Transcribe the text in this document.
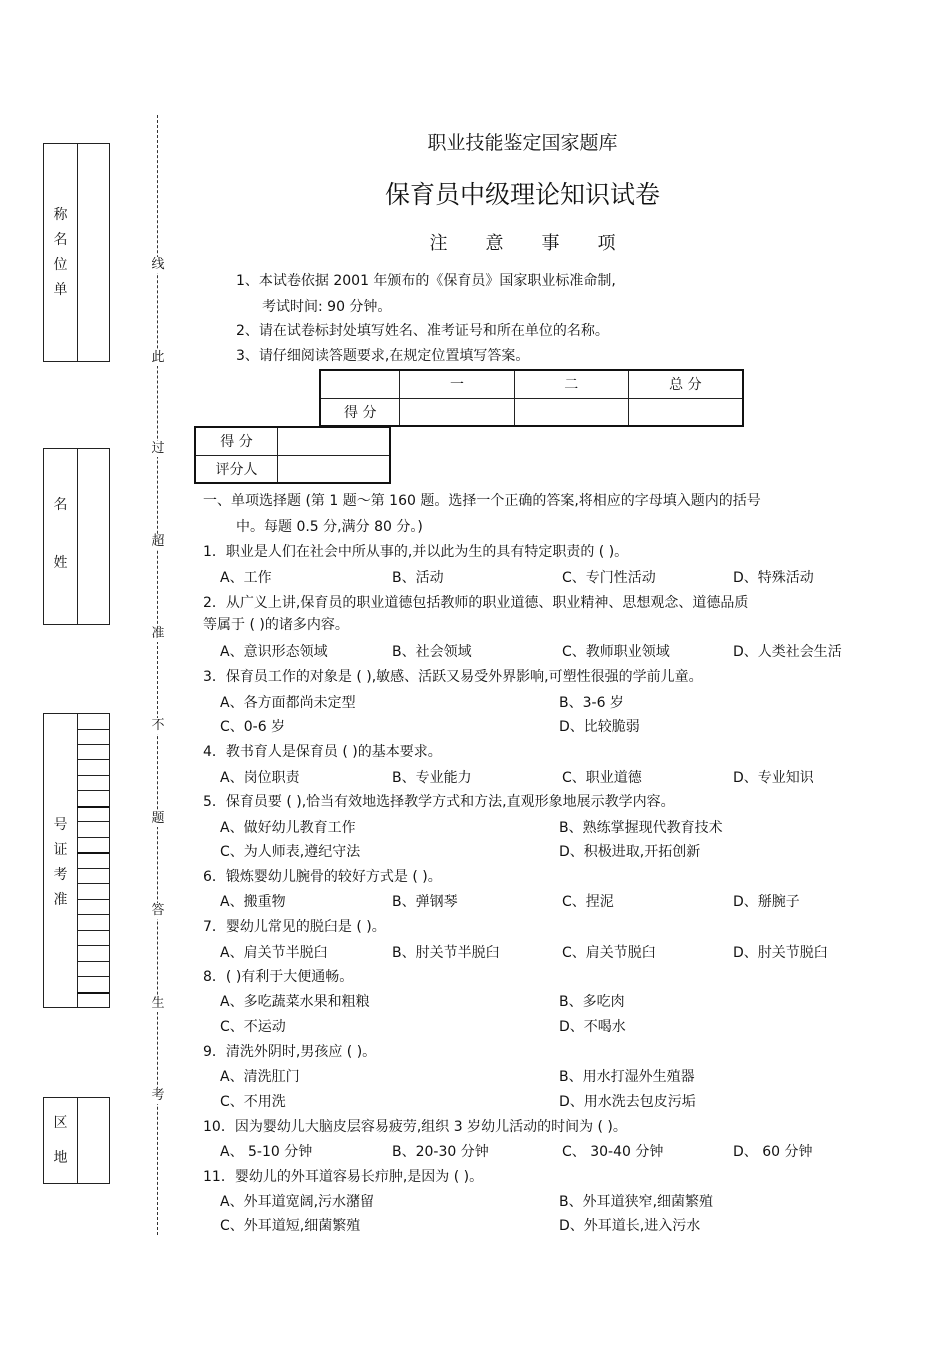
称
名
位
单
名
姓
号
证
考
准
区
地
线
此
过
超
准
不
题
答
生
考
职业技能鉴定国家题库
保育员中级理论知识试卷
注意事项
1、本试卷依据 2001 年颁布的《保育员》国家职业标准命制,
考试时间: 90 分钟。
2、请在试卷标封处填写姓名、准考证号和所在单位的名称。
3、请仔细阅读答题要求,在规定位置填写答案。
	一	二	总 分
得 分			
得 分	
评分人	
一、单项选择题 (第 1 题～第 160 题。选择一个正确的答案,将相应的字母填入题内的括号
中。每题 0.5 分,满分 80 分。)
1．职业是人们在社会中所从事的,并以此为生的具有特定职责的 ( )。
A、工作	B、活动	C、专门性活动	D、特殊活动
2．从广义上讲,保育员的职业道德包括教师的职业道德、职业精神、思想观念、道德品质
等属于 ( )的诸多内容。
A、意识形态领域	B、社会领域	C、教师职业领域	D、人类社会生活
3．保育员工作的对象是 ( ),敏感、活跃又易受外界影响,可塑性很强的学前儿童。
A、各方面都尚未定型	B、3-6 岁
C、0-6 岁	D、比较脆弱
4．教书育人是保育员 ( )的基本要求。
A、岗位职责	B、专业能力	C、职业道德	D、专业知识
5．保育员要 ( ),恰当有效地选择教学方式和方法,直观形象地展示教学内容。
A、做好幼儿教育工作	B、熟练掌握现代教育技术
C、为人师表,遵纪守法	D、积极进取,开拓创新
6．锻炼婴幼儿腕骨的较好方式是 ( )。
A、搬重物	B、弹钢琴	C、捏泥	D、掰腕子
7．婴幼儿常见的脱臼是 ( )。
A、肩关节半脱臼	B、肘关节半脱臼	C、肩关节脱臼	D、肘关节脱臼
8．( )有利于大便通畅。
A、多吃蔬菜水果和粗粮	B、多吃肉
C、不运动	D、不喝水
9．清洗外阴时,男孩应 ( )。
A、清洗肛门	B、用水打湿外生殖器
C、不用洗	D、用水洗去包皮污垢
10．因为婴幼儿大脑皮层容易疲劳,组织 3 岁幼儿活动的时间为 ( )。
A、 5-10 分钟	B、20-30 分钟	C、 30-40 分钟	D、 60 分钟
11．婴幼儿的外耳道容易长疖肿,是因为 ( )。
A、外耳道宽阔,污水潴留	B、外耳道狭窄,细菌繁殖
C、外耳道短,细菌繁殖	D、外耳道长,进入污水
